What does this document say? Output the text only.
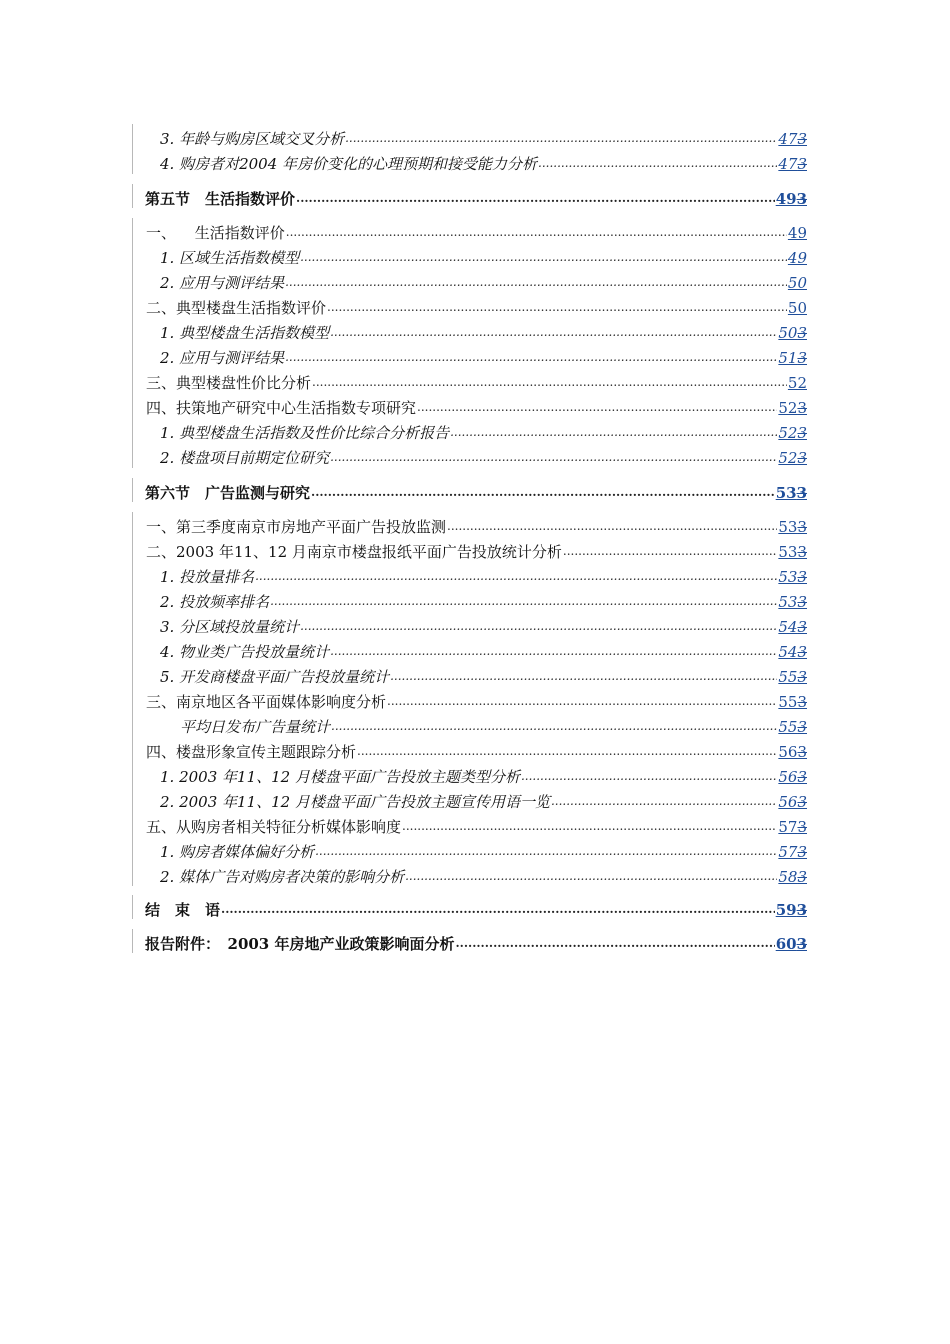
3. 年龄与购房区域交叉分析 .....	473
4. 购房者对2004 年房价变化的心理预期和接受能力分析 .....	473
第五节　生活指数评价 .....	493
一、 生活指数评价 .....	49
1. 区域生活指数模型 .....	49
2. 应用与测评结果 .....	50
二、典型楼盘生活指数评价 .....	50
1. 典型楼盘生活指数模型 .....	503
2. 应用与测评结果 .....	513
三、典型楼盘性价比分析 .....	52
四、扶策地产研究中心生活指数专项研究 .....	523
1. 典型楼盘生活指数及性价比综合分析报告 .....	523
2. 楼盘项目前期定位研究 .....	523
第六节　广告监测与研究 .....	533
一、第三季度南京市房地产平面广告投放监测 .....	533
二、2003 年11、12 月南京市楼盘报纸平面广告投放统计分析 .....	533
1. 投放量排名 .....	533
2. 投放频率排名 .....	533
3. 分区域投放量统计 .....	543
4. 物业类广告投放量统计 .....	543
5. 开发商楼盘平面广告投放量统计 .....	553
三、南京地区各平面媒体影响度分析 .....	553
平均日发布广告量统计 .....	553
四、楼盘形象宣传主题跟踪分析 .....	563
1. 2003 年11、12 月楼盘平面广告投放主题类型分析 .....	563
2. 2003 年11、12 月楼盘平面广告投放主题宣传用语一览 .....	563
五、从购房者相关特征分析媒体影响度 .....	573
1. 购房者媒体偏好分析 .....	573
2. 媒体广告对购房者决策的影响分析 .....	583
结　束　语 .....	593
报告附件：　2003 年房地产业政策影响面分析 .....	603
